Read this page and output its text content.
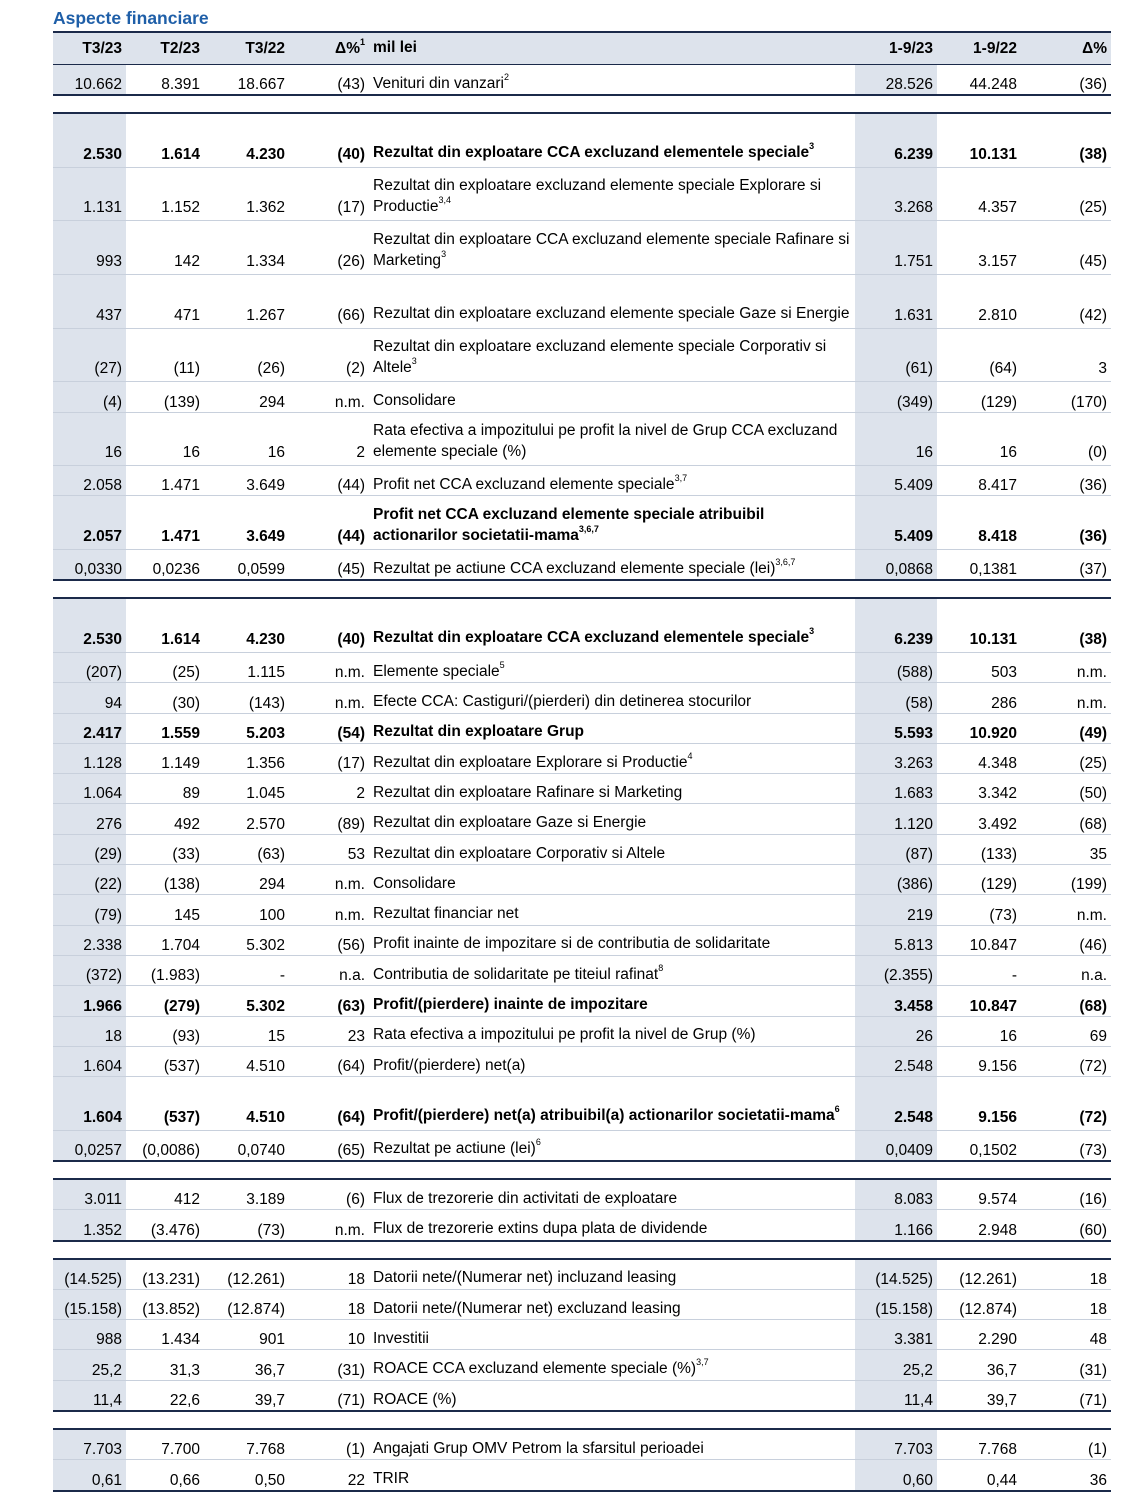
Aspecte financiare
T3/23	T2/23	T3/22	Δ%$^1$	mil lei	1-9/23	1-9/22	Δ%
10.662	8.391	18.667	(43)	Venituri din vanzari$^2$	28.526	44.248	(36)

2.530	1.614	4.230	(40)	Rezultat din exploatare CCA excluzand elementele speciale$^3$	6.239	10.131	(38)
1.131	1.152	1.362	(17)	Rezultat din exploatare excluzand elemente speciale Explorare si Productie$^{3,4}$	3.268	4.357	(25)
993	142	1.334	(26)	Rezultat din exploatare CCA excluzand elemente speciale Rafinare si Marketing$^3$	1.751	3.157	(45)
437	471	1.267	(66)	Rezultat din exploatare excluzand elemente speciale Gaze si Energie	1.631	2.810	(42)
(27)	(11)	(26)	(2)	Rezultat din exploatare excluzand elemente speciale Corporativ si Altele$^3$	(61)	(64)	3
(4)	(139)	294	n.m.	Consolidare	(349)	(129)	(170)
16	16	16	2	Rata efectiva a impozitului pe profit la nivel de Grup CCA excluzand elemente speciale (%)	16	16	(0)
2.058	1.471	3.649	(44)	Profit net CCA excluzand elemente speciale$^{3,7}$	5.409	8.417	(36)
2.057	1.471	3.649	(44)	Profit net CCA excluzand elemente speciale atribuibil actionarilor societatii-mama$^{3,6,7}$	5.409	8.418	(36)
0,0330	0,0236	0,0599	(45)	Rezultat pe actiune CCA excluzand elemente speciale (lei)$^{3,6,7}$	0,0868	0,1381	(37)

2.530	1.614	4.230	(40)	Rezultat din exploatare CCA excluzand elementele speciale$^3$	6.239	10.131	(38)
(207)	(25)	1.115	n.m.	Elemente speciale$^5$	(588)	503	n.m.
94	(30)	(143)	n.m.	Efecte CCA: Castiguri/(pierderi) din detinerea stocurilor	(58)	286	n.m.
2.417	1.559	5.203	(54)	Rezultat din exploatare Grup	5.593	10.920	(49)
1.128	1.149	1.356	(17)	Rezultat din exploatare Explorare si Productie$^4$	3.263	4.348	(25)
1.064	89	1.045	2	Rezultat din exploatare Rafinare si Marketing	1.683	3.342	(50)
276	492	2.570	(89)	Rezultat din exploatare Gaze si Energie	1.120	3.492	(68)
(29)	(33)	(63)	53	Rezultat din exploatare Corporativ si Altele	(87)	(133)	35
(22)	(138)	294	n.m.	Consolidare	(386)	(129)	(199)
(79)	145	100	n.m.	Rezultat financiar net	219	(73)	n.m.
2.338	1.704	5.302	(56)	Profit inainte de impozitare si de contributia de solidaritate	5.813	10.847	(46)
(372)	(1.983)	-	n.a.	Contributia de solidaritate pe titeiul rafinat$^8$	(2.355)	-	n.a.
1.966	(279)	5.302	(63)	Profit/(pierdere) inainte de impozitare	3.458	10.847	(68)
18	(93)	15	23	Rata efectiva a impozitului pe profit la nivel de Grup (%)	26	16	69
1.604	(537)	4.510	(64)	Profit/(pierdere) net(a)	2.548	9.156	(72)
1.604	(537)	4.510	(64)	Profit/(pierdere) net(a) atribuibil(a) actionarilor societatii-mama$^6$	2.548	9.156	(72)
0,0257	(0,0086)	0,0740	(65)	Rezultat pe actiune (lei)$^6$	0,0409	0,1502	(73)

3.011	412	3.189	(6)	Flux de trezorerie din activitati de exploatare	8.083	9.574	(16)
1.352	(3.476)	(73)	n.m.	Flux de trezorerie extins dupa plata de dividende	1.166	2.948	(60)

(14.525)	(13.231)	(12.261)	18	Datorii nete/(Numerar net) incluzand leasing	(14.525)	(12.261)	18
(15.158)	(13.852)	(12.874)	18	Datorii nete/(Numerar net) excluzand leasing	(15.158)	(12.874)	18
988	1.434	901	10	Investitii	3.381	2.290	48
25,2	31,3	36,7	(31)	ROACE CCA excluzand elemente speciale (%)$^{3,7}$	25,2	36,7	(31)
11,4	22,6	39,7	(71)	ROACE (%)	11,4	39,7	(71)

7.703	7.700	7.768	(1)	Angajati Grup OMV Petrom la sfarsitul perioadei	7.703	7.768	(1)
0,61	0,66	0,50	22	TRIR	0,60	0,44	36
